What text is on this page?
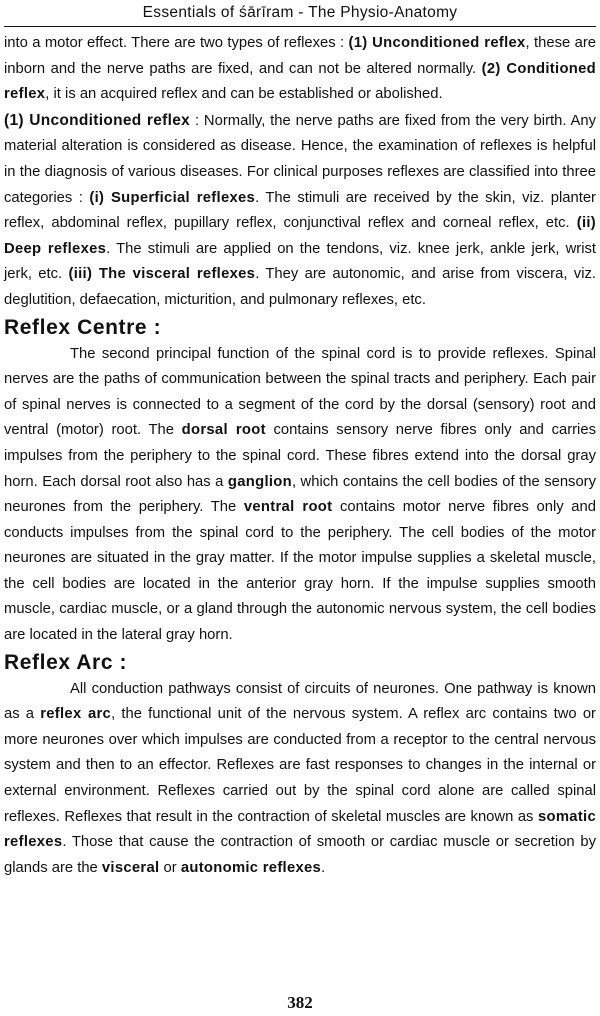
Essentials of śārīram - The Physio-Anatomy

into a motor effect. There are two types of reflexes : (1) Unconditioned reflex, these are inborn and the nerve paths are fixed, and can not be altered normally. (2) Conditioned reflex, it is an acquired reflex and can be established or abolished.

(1) Unconditioned reflex : Normally, the nerve paths are fixed from the very birth. Any material alteration is considered as disease. Hence, the examination of reflexes is helpful in the diagnosis of various diseases. For clinical purposes reflexes are classified into three categories : (i) Superficial reflexes. The stimuli are received by the skin, viz. planter reflex, abdominal reflex, pupillary reflex, conjunctival reflex and corneal reflex, etc. (ii) Deep reflexes. The stimuli are applied on the tendons, viz. knee jerk, ankle jerk, wrist jerk, etc. (iii) The visceral reflexes. They are autonomic, and arise from viscera, viz. deglutition, defaecation, micturition, and pulmonary reflexes, etc.

Reflex Centre :

The second principal function of the spinal cord is to provide reflexes. Spinal nerves are the paths of communication between the spinal tracts and periphery. Each pair of spinal nerves is connected to a segment of the cord by the dorsal (sensory) root and ventral (motor) root. The dorsal root contains sensory nerve fibres only and carries impulses from the periphery to the spinal cord. These fibres extend into the dorsal gray horn. Each dorsal root also has a ganglion, which contains the cell bodies of the sensory neurones from the periphery. The ventral root contains motor nerve fibres only and conducts impulses from the spinal cord to the periphery. The cell bodies of the motor neurones are situated in the gray matter. If the motor impulse supplies a skeletal muscle, the cell bodies are located in the anterior gray horn. If the impulse supplies smooth muscle, cardiac muscle, or a gland through the autonomic nervous system, the cell bodies are located in the lateral gray horn.

Reflex Arc :

All conduction pathways consist of circuits of neurones. One pathway is known as a reflex arc, the functional unit of the nervous system. A reflex arc contains two or more neurones over which impulses are conducted from a receptor to the central nervous system and then to an effector. Reflexes are fast responses to changes in the internal or external environment. Reflexes carried out by the spinal cord alone are called spinal reflexes. Reflexes that result in the contraction of skeletal muscles are known as somatic reflexes. Those that cause the contraction of smooth or cardiac muscle or secretion by glands are the visceral or autonomic reflexes.

382
